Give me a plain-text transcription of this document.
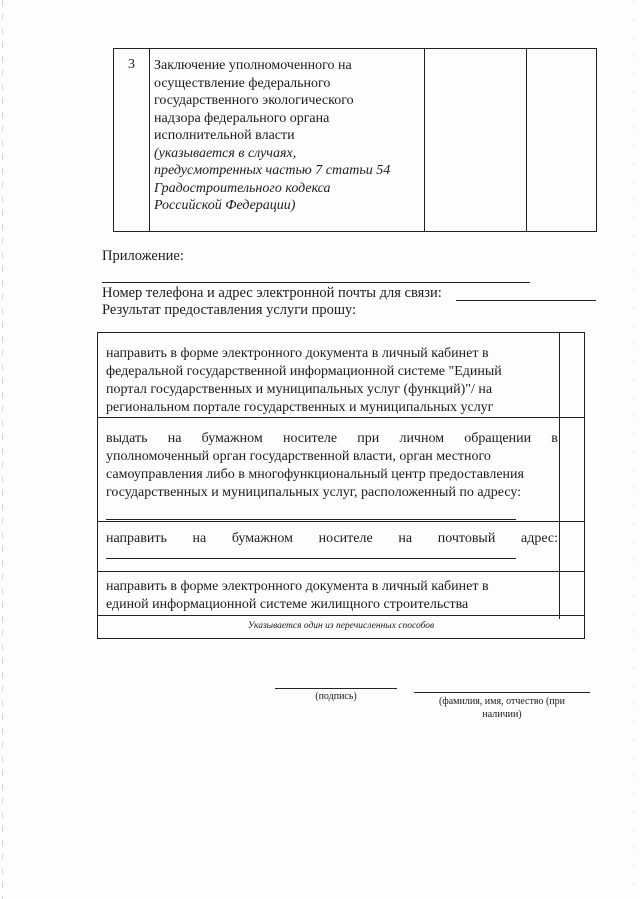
3	Заключение уполномоченного на
осуществление федерального
государственного экологического
надзора федерального органа
исполнительной власти
(указывается в случаях,
предусмотренных частью 7 статьи 54
Градостроительного кодекса
Российской Федерации)
Приложение:
Номер телефона и адрес электронной почты для связи:
Результат предоставления услуги прошу:
направить в форме электронного документа в личный кабинет в
федеральной государственной информационной системе "Единый
портал государственных и муниципальных услуг (функций)"/ на
региональном портале государственных и муниципальных услуг
выдать на бумажном носителе при личном обращении в
уполномоченный орган государственной власти, орган местного
самоуправления либо в многофункциональный центр предоставления
государственных и муниципальных услуг, расположенный по адресу:
направить на бумажном носителе на почтовый адрес:
направить в форме электронного документа в личный кабинет в
единой информационной системе жилищного строительства
Указывается один из перечисленных способов
(подпись)	(фамилия, имя, отчество (при
наличии)
